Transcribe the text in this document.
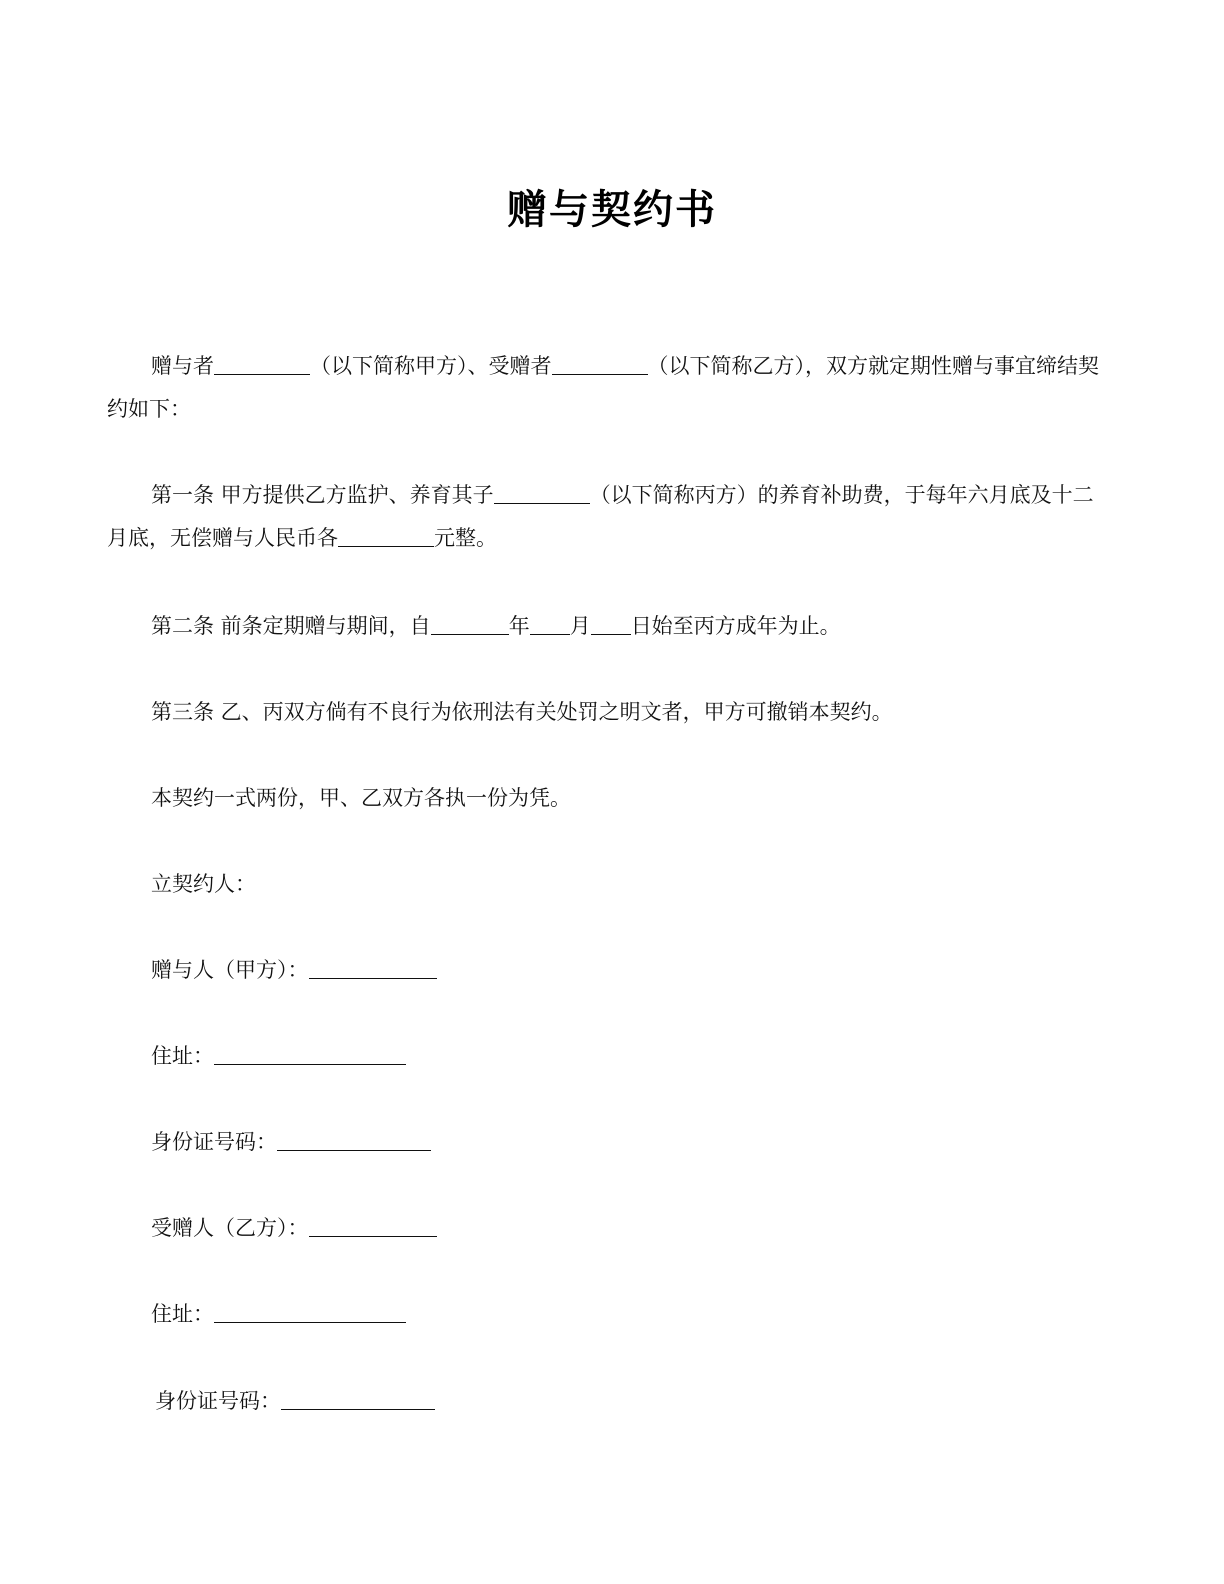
赠与契约书
赠与者	（以下简称甲方）、受赠者	（以下简称乙方），双方就定期性赠与事宜缔结契约如下：
第一条 甲方提供乙方监护、养育其子	（以下简称丙方）的养育补助费，于每年六月底及十二月底，无偿赠与人民币各	元整。
第二条 前条定期赠与期间，自	年 月 日始至丙方成年为止。
第三条 乙、丙双方倘有不良行为依刑法有关处罚之明文者，甲方可撤销本契约。
本契约一式两份，甲、乙双方各执一份为凭。
立契约人：
赠与人（甲方）：
住址：
身份证号码：
受赠人（乙方）：
住址：
身份证号码：
